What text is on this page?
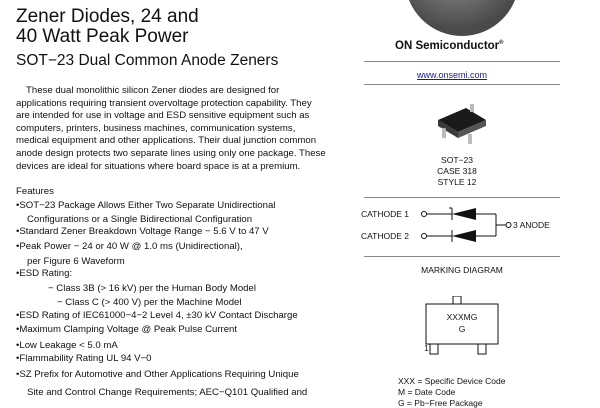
Zener Diodes, 24 and
40 Watt Peak Power
SOT−23 Dual Common Anode Zeners
These dual monolithic silicon Zener diodes are designed for
applications requiring transient overvoltage protection capability. They
are intended for use in voltage and ESD sensitive equipment such as
computers, printers, business machines, communication systems,
medical equipment and other applications. Their dual junction common
anode design protects two separate lines using only one package. These
devices are ideal for situations where board space is at a premium.
Features
•SOT−23 Package Allows Either Two Separate Unidirectional
Configurations or a Single Bidirectional Configuration
•Standard Zener Breakdown Voltage Range − 5.6 V to 47 V
•Peak Power − 24 or 40 W @ 1.0 ms (Unidirectional),
per Figure 6 Waveform
•ESD Rating:
− Class 3B (> 16 kV) per the Human Body Model
− Class C (> 400 V) per the Machine Model
•ESD Rating of IEC61000−4−2 Level 4, ±30 kV Contact Discharge
•Maximum Clamping Voltage @ Peak Pulse Current
•Low Leakage < 5.0 mA
•Flammability Rating UL 94 V−0
•SZ Prefix for Automotive and Other Applications Requiring Unique
Site and Control Change Requirements; AEC−Q101 Qualified and
ON Semiconductor®
www.onsemi.com
SOT−23
CASE 318
STYLE 12
CATHODE 1
CATHODE 2
3 ANODE
MARKING DIAGRAM
XXXMG
G
1
XXX = Specific Device Code
M = Date Code
G = Pb−Free Package
